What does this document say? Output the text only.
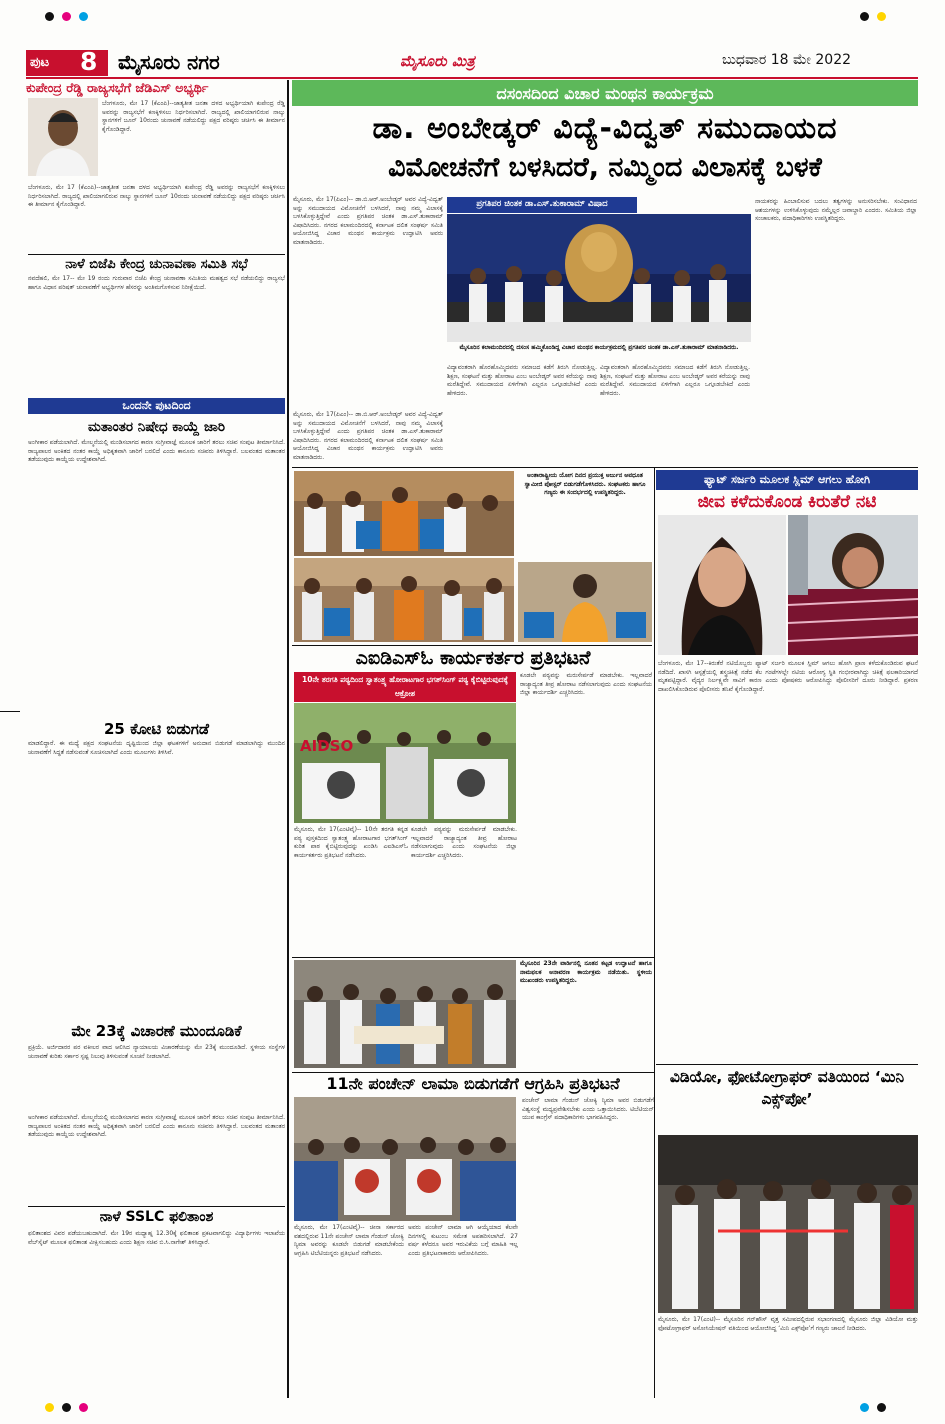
ಪುಟ 8 ಮೈಸೂರು ನಗರ	ಮೈಸೂರು ಮಿತ್ರ	ಬುಧವಾರ 18 ಮೇ 2022
ಕುಪೇಂದ್ರ ರೆಡ್ಡಿ ರಾಜ್ಯಸಭೆಗೆ ಜೆಡಿಎಸ್ ಅಭ್ಯರ್ಥಿ
ಬೆಂಗಳೂರು, ಮೇ 17 (ಕೆಎಂಪಿ)--ಜಾತ್ಯತೀತ ಜನತಾ ದಳದ ಅಭ್ಯರ್ಥಿಯಾಗಿ ಕುಪೇಂದ್ರ ರೆಡ್ಡಿ ಅವರನ್ನು ರಾಜ್ಯಸಭೆಗೆ ಕಣಕ್ಕಿಳಿಸಲು ನಿರ್ಧರಿಸಲಾಗಿದೆ. ರಾಜ್ಯದಲ್ಲಿ ಖಾಲಿಯಾಗಲಿರುವ ನಾಲ್ಕು ಸ್ಥಾನಗಳಿಗೆ ಜೂನ್ 10ರಂದು ಚುನಾವಣೆ ನಡೆಯಲಿದ್ದು ಪಕ್ಷದ ವರಿಷ್ಠರು ಚರ್ಚಿಸಿ ಈ ತೀರ್ಮಾನ ಕೈಗೊಂಡಿದ್ದಾರೆ.
ಬೆಂಗಳೂರು, ಮೇ 17 (ಕೆಎಂಪಿ)--ಜಾತ್ಯತೀತ ಜನತಾ ದಳದ ಅಭ್ಯರ್ಥಿಯಾಗಿ ಕುಪೇಂದ್ರ ರೆಡ್ಡಿ ಅವರನ್ನು ರಾಜ್ಯಸಭೆಗೆ ಕಣಕ್ಕಿಳಿಸಲು ನಿರ್ಧರಿಸಲಾಗಿದೆ. ರಾಜ್ಯದಲ್ಲಿ ಖಾಲಿಯಾಗಲಿರುವ ನಾಲ್ಕು ಸ್ಥಾನಗಳಿಗೆ ಜೂನ್ 10ರಂದು ಚುನಾವಣೆ ನಡೆಯಲಿದ್ದು ಪಕ್ಷದ ವರಿಷ್ಠರು ಚರ್ಚಿಸಿ ಈ ತೀರ್ಮಾನ ಕೈಗೊಂಡಿದ್ದಾರೆ.
ನಾಳೆ ಬಿಜೆಪಿ ಕೇಂದ್ರ ಚುನಾವಣಾ ಸಮಿತಿ ಸಭೆ
ನವದೆಹಲಿ, ಮೇ 17-- ಮೇ 19 ರಂದು ಗುರುವಾರ ಬಿಜೆಪಿ ಕೇಂದ್ರ ಚುನಾವಣಾ ಸಮಿತಿಯ ಮಹತ್ವದ ಸಭೆ ನಡೆಯಲಿದ್ದು ರಾಜ್ಯಸಭೆ ಹಾಗೂ ವಿಧಾನ ಪರಿಷತ್ ಚುನಾವಣೆಗೆ ಅಭ್ಯರ್ಥಿಗಳ ಹೆಸರನ್ನು ಅಂತಿಮಗೊಳಿಸುವ ನಿರೀಕ್ಷೆಯಿದೆ.
ಒಂದನೇ ಪುಟದಿಂದ
ಮತಾಂತರ ನಿಷೇಧ ಕಾಯ್ದೆ ಜಾರಿ
ಅಂಗೀಕಾರ ಪಡೆಯಲಾಗಿದೆ. ಮೇಲ್ಮನೆಯಲ್ಲಿ ಮಂಡಿಸಲಾಗದ ಕಾರಣ ಸುಗ್ರೀವಾಜ್ಞೆ ಮೂಲಕ ಜಾರಿಗೆ ತರಲು ಸಚಿವ ಸಂಪುಟ ತೀರ್ಮಾನಿಸಿದೆ. ರಾಜ್ಯಪಾಲರ ಅಂಕಿತದ ನಂತರ ಕಾಯ್ದೆ ಅಧಿಕೃತವಾಗಿ ಜಾರಿಗೆ ಬರಲಿದೆ ಎಂದು ಕಾನೂನು ಸಚಿವರು ತಿಳಿಸಿದ್ದಾರೆ. ಬಲವಂತದ ಮತಾಂತರ ತಡೆಯುವುದು ಕಾಯ್ದೆಯ ಉದ್ದೇಶವಾಗಿದೆ.
25 ಕೋಟಿ ಬಿಡುಗಡೆ
ಮಾಡಲಿದ್ದಾರೆ. ಈ ಮಧ್ಯೆ ಪಕ್ಷದ ಸಂಘಟನೆಯ ದೃಷ್ಟಿಯಿಂದ ಜಿಲ್ಲಾ ಘಟಕಗಳಿಗೆ ಅನುದಾನ ಬಿಡುಗಡೆ ಮಾಡಲಾಗಿದ್ದು ಮುಂದಿನ ಚುನಾವಣೆಗೆ ಸಿದ್ಧತೆ ನಡೆಸುವಂತೆ ಸೂಚಿಸಲಾಗಿದೆ ಎಂದು ಮೂಲಗಳು ತಿಳಿಸಿವೆ.
ಮೇ 23ಕ್ಕೆ ವಿಚಾರಣೆ ಮುಂದೂಡಿಕೆ
ಪ್ರಕ್ರಿಯೆ. ಅರ್ಜಿದಾರರ ಪರ ವಕೀಲರ ವಾದ ಆಲಿಸಿದ ನ್ಯಾಯಾಲಯ ವಿಚಾರಣೆಯನ್ನು ಮೇ 23ಕ್ಕೆ ಮುಂದೂಡಿದೆ. ಸ್ಥಳೀಯ ಸಂಸ್ಥೆಗಳ ಚುನಾವಣೆ ಕುರಿತು ಸರ್ಕಾರ ಸ್ಪಷ್ಟ ನಿಲುವು ತಿಳಿಸುವಂತೆ ಸೂಚನೆ ನೀಡಲಾಗಿದೆ.
ಅಂಗೀಕಾರ ಪಡೆಯಲಾಗಿದೆ. ಮೇಲ್ಮನೆಯಲ್ಲಿ ಮಂಡಿಸಲಾಗದ ಕಾರಣ ಸುಗ್ರೀವಾಜ್ಞೆ ಮೂಲಕ ಜಾರಿಗೆ ತರಲು ಸಚಿವ ಸಂಪುಟ ತೀರ್ಮಾನಿಸಿದೆ. ರಾಜ್ಯಪಾಲರ ಅಂಕಿತದ ನಂತರ ಕಾಯ್ದೆ ಅಧಿಕೃತವಾಗಿ ಜಾರಿಗೆ ಬರಲಿದೆ ಎಂದು ಕಾನೂನು ಸಚಿವರು ತಿಳಿಸಿದ್ದಾರೆ. ಬಲವಂತದ ಮತಾಂತರ ತಡೆಯುವುದು ಕಾಯ್ದೆಯ ಉದ್ದೇಶವಾಗಿದೆ.
ನಾಳೆ SSLC ಫಲಿತಾಂಶ
ಫಲಿತಾಂಶದ ವಿವರ ಪಡೆಯಬಹುದಾಗಿದೆ. ಮೇ 19ರ ಮಧ್ಯಾಹ್ನ 12.30ಕ್ಕೆ ಫಲಿತಾಂಶ ಪ್ರಕಟವಾಗಲಿದ್ದು ವಿದ್ಯಾರ್ಥಿಗಳು ಇಲಾಖೆಯ ವೆಬ್‌ಸೈಟ್ ಮೂಲಕ ಫಲಿತಾಂಶ ವೀಕ್ಷಿಸಬಹುದು ಎಂದು ಶಿಕ್ಷಣ ಸಚಿವ ಬಿ.ಸಿ.ನಾಗೇಶ್ ತಿಳಿಸಿದ್ದಾರೆ.
ದಸಂಸದಿಂದ ವಿಚಾರ ಮಂಥನ ಕಾರ್ಯಕ್ರಮ
ಡಾ. ಅಂಬೇಡ್ಕರ್ ವಿದ್ಯೆ-ವಿದ್ವತ್ ಸಮುದಾಯದ
ವಿಮೋಚನೆಗೆ ಬಳಸಿದರೆ, ನಮ್ಮಿಂದ ವಿಲಾಸಕ್ಕೆ ಬಳಕೆ
ಮೈಸೂರು, ಮೇ 17(ಪಿಎಂ)-- ಡಾ.ಬಿ.ಆರ್.ಅಂಬೇಡ್ಕರ್ ಅವರ ವಿದ್ಯೆ-ವಿದ್ವತ್ ಅನ್ನು ಸಮುದಾಯದ ವಿಮೋಚನೆಗೆ ಬಳಸಿದರೆ, ನಾವು ನಮ್ಮ ವಿಲಾಸಕ್ಕೆ ಬಳಸಿಕೊಳ್ಳುತ್ತಿದ್ದೇವೆ ಎಂದು ಪ್ರಗತಿಪರ ಚಿಂತಕ ಡಾ.ಎಸ್.ತುಕಾರಾಮ್ ವಿಷಾದಿಸಿದರು. ನಗರದ ಕಲಾಮಂದಿರದಲ್ಲಿ ಕರ್ನಾಟಕ ದಲಿತ ಸಂಘರ್ಷ ಸಮಿತಿ ಆಯೋಜಿಸಿದ್ದ ವಿಚಾರ ಮಂಥನ ಕಾರ್ಯಕ್ರಮ ಉದ್ಘಾಟಿಸಿ ಅವರು ಮಾತನಾಡಿದರು.
ಪ್ರಗತಿಪರ ಚಿಂತಕ ಡಾ.ಎಸ್.ತುಕಾರಾಮ್ ವಿಷಾದ
ಮೈಸೂರಿನ ಕಲಾಮಂದಿರದಲ್ಲಿ ದಸಂಸ ಹಮ್ಮಿಕೊಂಡಿದ್ದ ವಿಚಾರ ಮಂಥನ ಕಾರ್ಯಕ್ರಮದಲ್ಲಿ ಪ್ರಗತಿಪರ ಚಿಂತಕ ಡಾ.ಎಸ್.ತುಕಾರಾಮ್ ಮಾತನಾಡಿದರು.
ವಿದ್ಯಾವಂತರಾಗಿ ಹೊರಹೊಮ್ಮಿದವರು ಸಮಾಜದ ಕಡೆಗೆ ತಿರುಗಿ ನೋಡುತ್ತಿಲ್ಲ. ಶಿಕ್ಷಣ, ಸಂಘಟನೆ ಮತ್ತು ಹೋರಾಟ ಎಂಬ ಅಂಬೇಡ್ಕರ್ ಅವರ ಕರೆಯನ್ನು ನಾವು ಮರೆತಿದ್ದೇವೆ. ಸಮುದಾಯದ ಏಳಿಗೆಗಾಗಿ ಎಲ್ಲರೂ ಒಗ್ಗೂಡಬೇಕಿದೆ ಎಂದು ಹೇಳಿದರು.
ವಿದ್ಯಾವಂತರಾಗಿ ಹೊರಹೊಮ್ಮಿದವರು ಸಮಾಜದ ಕಡೆಗೆ ತಿರುಗಿ ನೋಡುತ್ತಿಲ್ಲ. ಶಿಕ್ಷಣ, ಸಂಘಟನೆ ಮತ್ತು ಹೋರಾಟ ಎಂಬ ಅಂಬೇಡ್ಕರ್ ಅವರ ಕರೆಯನ್ನು ನಾವು ಮರೆತಿದ್ದೇವೆ. ಸಮುದಾಯದ ಏಳಿಗೆಗಾಗಿ ಎಲ್ಲರೂ ಒಗ್ಗೂಡಬೇಕಿದೆ ಎಂದು ಹೇಳಿದರು.
ಮೈಸೂರು, ಮೇ 17(ಪಿಎಂ)-- ಡಾ.ಬಿ.ಆರ್.ಅಂಬೇಡ್ಕರ್ ಅವರ ವಿದ್ಯೆ-ವಿದ್ವತ್ ಅನ್ನು ಸಮುದಾಯದ ವಿಮೋಚನೆಗೆ ಬಳಸಿದರೆ, ನಾವು ನಮ್ಮ ವಿಲಾಸಕ್ಕೆ ಬಳಸಿಕೊಳ್ಳುತ್ತಿದ್ದೇವೆ ಎಂದು ಪ್ರಗತಿಪರ ಚಿಂತಕ ಡಾ.ಎಸ್.ತುಕಾರಾಮ್ ವಿಷಾದಿಸಿದರು. ನಗರದ ಕಲಾಮಂದಿರದಲ್ಲಿ ಕರ್ನಾಟಕ ದಲಿತ ಸಂಘರ್ಷ ಸಮಿತಿ ಆಯೋಜಿಸಿದ್ದ ವಿಚಾರ ಮಂಥನ ಕಾರ್ಯಕ್ರಮ ಉದ್ಘಾಟಿಸಿ ಅವರು ಮಾತನಾಡಿದರು.
ನಾಯಕರನ್ನು ಹಿಂಬಾಲಿಸುವ ಬದಲು ತತ್ವಗಳನ್ನು ಅನುಸರಿಸಬೇಕು. ಸಂವಿಧಾನದ ಆಶಯಗಳನ್ನು ಉಳಿಸಿಕೊಳ್ಳುವುದು ನಮ್ಮೆಲ್ಲರ ಜವಾಬ್ದಾರಿ ಎಂದರು. ಸಮಿತಿಯ ಜಿಲ್ಲಾ ಸಂಚಾಲಕರು, ಪದಾಧಿಕಾರಿಗಳು ಉಪಸ್ಥಿತರಿದ್ದರು.
ಅಂತಾರಾಷ್ಟ್ರೀಯ ಯೋಗ ದಿನದ ಪ್ರಯುಕ್ತ ಅರ್ಜುನ ಅವಧೂತ ಸ್ವಾಮೀಜಿ ಪೋಸ್ಟರ್ ಬಿಡುಗಡೆಗೊಳಿಸಿದರು. ಸಂಘಟಕರು ಹಾಗೂ ಗಣ್ಯರು ಈ ಸಂದರ್ಭದಲ್ಲಿ ಉಪಸ್ಥಿತರಿದ್ದರು.
ಫ್ಯಾಟ್ ಸರ್ಜರಿ ಮೂಲಕ ಸ್ಲಿಮ್ ಆಗಲು ಹೋಗಿ
ಜೀವ ಕಳೆದುಕೊಂಡ ಕಿರುತೆರೆ ನಟಿ
ಬೆಂಗಳೂರು, ಮೇ 17--ಕಿರುತೆರೆ ನಟಿಯೊಬ್ಬರು ಫ್ಯಾಟ್ ಸರ್ಜರಿ ಮೂಲಕ ಸ್ಲಿಮ್ ಆಗಲು ಹೋಗಿ ಪ್ರಾಣ ಕಳೆದುಕೊಂಡಿರುವ ಘಟನೆ ನಡೆದಿದೆ. ಖಾಸಗಿ ಆಸ್ಪತ್ರೆಯಲ್ಲಿ ಶಸ್ತ್ರಚಿಕಿತ್ಸೆ ನಡೆದ ಕೆಲ ಗಂಟೆಗಳಲ್ಲೇ ನಟಿಯ ಆರೋಗ್ಯ ಸ್ಥಿತಿ ಗಂಭೀರವಾಗಿದ್ದು ಚಿಕಿತ್ಸೆ ಫಲಕಾರಿಯಾಗದೆ ಮೃತಪಟ್ಟಿದ್ದಾರೆ. ವೈದ್ಯರ ನಿರ್ಲಕ್ಷ್ಯವೇ ಸಾವಿಗೆ ಕಾರಣ ಎಂದು ಪೋಷಕರು ಆರೋಪಿಸಿದ್ದು ಪೊಲೀಸರಿಗೆ ದೂರು ನೀಡಿದ್ದಾರೆ. ಪ್ರಕರಣ ದಾಖಲಿಸಿಕೊಂಡಿರುವ ಪೊಲೀಸರು ತನಿಖೆ ಕೈಗೊಂಡಿದ್ದಾರೆ.
ಎಐಡಿಎಸ್‌ಓ ಕಾರ್ಯಕರ್ತರ ಪ್ರತಿಭಟನೆ
10ನೇ ತರಗತಿ ಪಠ್ಯದಿಂದ ಸ್ವಾತಂತ್ರ್ಯ ಹೋರಾಟಗಾರ ಭಗತ್‌ಸಿಂಗ್ ಪಠ್ಯ ಕೈಬಿಟ್ಟಿರುವುದಕ್ಕೆ ಆಕ್ರೋಶ
AIDSO
ಮೈಸೂರು, ಮೇ 17(ಎಂಟಿವೈ)-- 10ನೇ ತರಗತಿ ಕನ್ನಡ ಪಠ್ಯ ಪುಸ್ತಕದಿಂದ ಸ್ವಾತಂತ್ರ್ಯ ಹೋರಾಟಗಾರ ಭಗತ್‌ಸಿಂಗ್ ಕುರಿತ ಪಾಠ ಕೈಬಿಟ್ಟಿರುವುದನ್ನು ಖಂಡಿಸಿ ಎಐಡಿಎಸ್‌ಓ ಕಾರ್ಯಕರ್ತರು ಪ್ರತಿಭಟನೆ ನಡೆಸಿದರು.
ಕೂಡಲೇ ಪಠ್ಯವನ್ನು ಮರುಸೇರ್ಪಡೆ ಮಾಡಬೇಕು. ಇಲ್ಲವಾದರೆ ರಾಜ್ಯಾದ್ಯಂತ ತೀವ್ರ ಹೋರಾಟ ನಡೆಸಲಾಗುವುದು ಎಂದು ಸಂಘಟನೆಯ ಜಿಲ್ಲಾ ಕಾರ್ಯದರ್ಶಿ ಎಚ್ಚರಿಸಿದರು.
ಕೂಡಲೇ ಪಠ್ಯವನ್ನು ಮರುಸೇರ್ಪಡೆ ಮಾಡಬೇಕು. ಇಲ್ಲವಾದರೆ ರಾಜ್ಯಾದ್ಯಂತ ತೀವ್ರ ಹೋರಾಟ ನಡೆಸಲಾಗುವುದು ಎಂದು ಸಂಘಟನೆಯ ಜಿಲ್ಲಾ ಕಾರ್ಯದರ್ಶಿ ಎಚ್ಚರಿಸಿದರು.
ಮೈಸೂರಿನ 23ನೇ ವಾರ್ಡಿನಲ್ಲಿ ನೂತನ ಕಟ್ಟಡ ಉದ್ಘಾಟನೆ ಹಾಗೂ ನಾಮಫಲಕ ಅನಾವರಣ ಕಾರ್ಯಕ್ರಮ ನಡೆಯಿತು. ಸ್ಥಳೀಯ ಮುಖಂಡರು ಉಪಸ್ಥಿತರಿದ್ದರು.
ವಿಡಿಯೋ, ಫೋಟೋಗ್ರಾಫರ್ ವತಿಯಿಂದ ‘ಮಿನಿ ಎಕ್ಸ್‌ಪೋ’
ಮೈಸೂರು, ಮೇ 17(ಎಂಟಿ)-- ಮೈಸೂರಿನ ಗನ್‌ಹೌಸ್ ವೃತ್ತ ಸಮೀಪದಲ್ಲಿರುವ ಸಭಾಂಗಣದಲ್ಲಿ ಮೈಸೂರು ಜಿಲ್ಲಾ ವಿಡಿಯೋ ಮತ್ತು ಫೋಟೋಗ್ರಾಫರ್ ಅಸೋಸಿಯೇಷನ್ ವತಿಯಿಂದ ಆಯೋಜಿಸಿದ್ದ ‘ಮಿನಿ ಎಕ್ಸ್‌ಪೋ’ಗೆ ಗಣ್ಯರು ಚಾಲನೆ ನೀಡಿದರು.
11ನೇ ಪಂಚೇನ್ ಲಾಮಾ ಬಿಡುಗಡೆಗೆ ಆಗ್ರಹಿಸಿ ಪ್ರತಿಭಟನೆ
ಮೈಸೂರು, ಮೇ 17(ಎಂಟಿವೈ)-- ಚೀನಾ ಸರ್ಕಾರದ ವಶದಲ್ಲಿರುವ 11ನೇ ಪಂಚೇನ್ ಲಾಮಾ ಗೆಂಡುನ್ ಚೋಕ್ಯಿ ನ್ಯಿಮಾ ಅವರನ್ನು ಕೂಡಲೇ ಬಿಡುಗಡೆ ಮಾಡಬೇಕೆಂದು ಆಗ್ರಹಿಸಿ ಟಿಬೆಟಿಯನ್ನರು ಪ್ರತಿಭಟನೆ ನಡೆಸಿದರು.
ಅವರು ಪಂಚೇನ್ ಲಾಮಾ ಆಗಿ ಆಯ್ಕೆಯಾದ ಕೆಲವೇ ದಿನಗಳಲ್ಲಿ ಕುಟುಂಬ ಸಮೇತ ಅಪಹರಿಸಲಾಗಿದೆ. 27 ವರ್ಷ ಕಳೆದರೂ ಅವರ ಇರುವಿಕೆಯ ಬಗ್ಗೆ ಮಾಹಿತಿ ಇಲ್ಲ ಎಂದು ಪ್ರತಿಭಟನಾಕಾರರು ಆರೋಪಿಸಿದರು.
ಪಂಚೇನ್ ಲಾಮಾ ಗೆಂಡುನ್ ಚೋಕ್ಯಿ ನ್ಯಿಮಾ ಅವರ ಬಿಡುಗಡೆಗೆ ವಿಶ್ವಸಂಸ್ಥೆ ಮಧ್ಯಪ್ರವೇಶಿಸಬೇಕು ಎಂದು ಒತ್ತಾಯಿಸಿದರು. ಟಿಬೆಟಿಯನ್ ಯುವ ಕಾಂಗ್ರೆಸ್ ಪದಾಧಿಕಾರಿಗಳು ಭಾಗವಹಿಸಿದ್ದರು.
